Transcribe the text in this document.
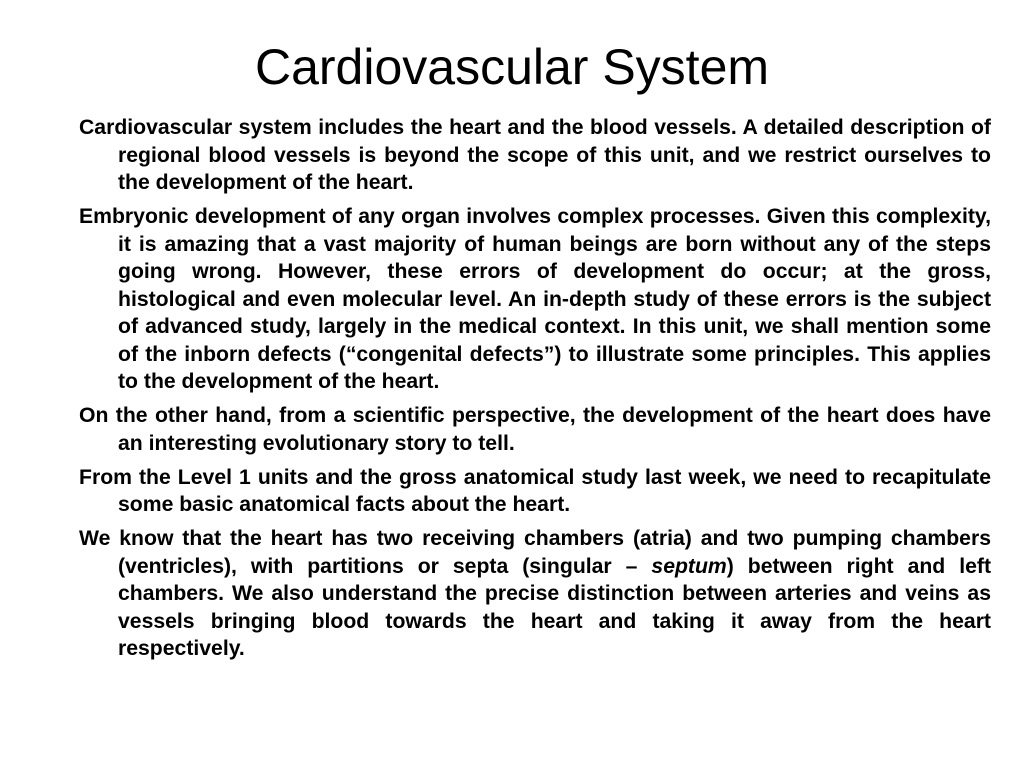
Cardiovascular System

Cardiovascular system includes the heart and the blood vessels. A detailed description of regional blood vessels is beyond the scope of this unit, and we restrict ourselves to the development of the heart.

Embryonic development of any organ involves complex processes. Given this complexity, it is amazing that a vast majority of human beings are born without any of the steps going wrong. However, these errors of development do occur; at the gross, histological and even molecular level. An in-depth study of these errors is the subject of advanced study, largely in the medical context. In this unit, we shall mention some of the inborn defects (“congenital defects”) to illustrate some principles. This applies to the development of the heart.

On the other hand, from a scientific perspective, the development of the heart does have an interesting evolutionary story to tell.

From the Level 1 units and the gross anatomical study last week, we need to recapitulate some basic anatomical facts about the heart.

We know that the heart has two receiving chambers (atria) and two pumping chambers (ventricles), with partitions or septa (singular – septum) between right and left chambers. We also understand the precise distinction between arteries and veins as vessels bringing blood towards the heart and taking it away from the heart respectively.
